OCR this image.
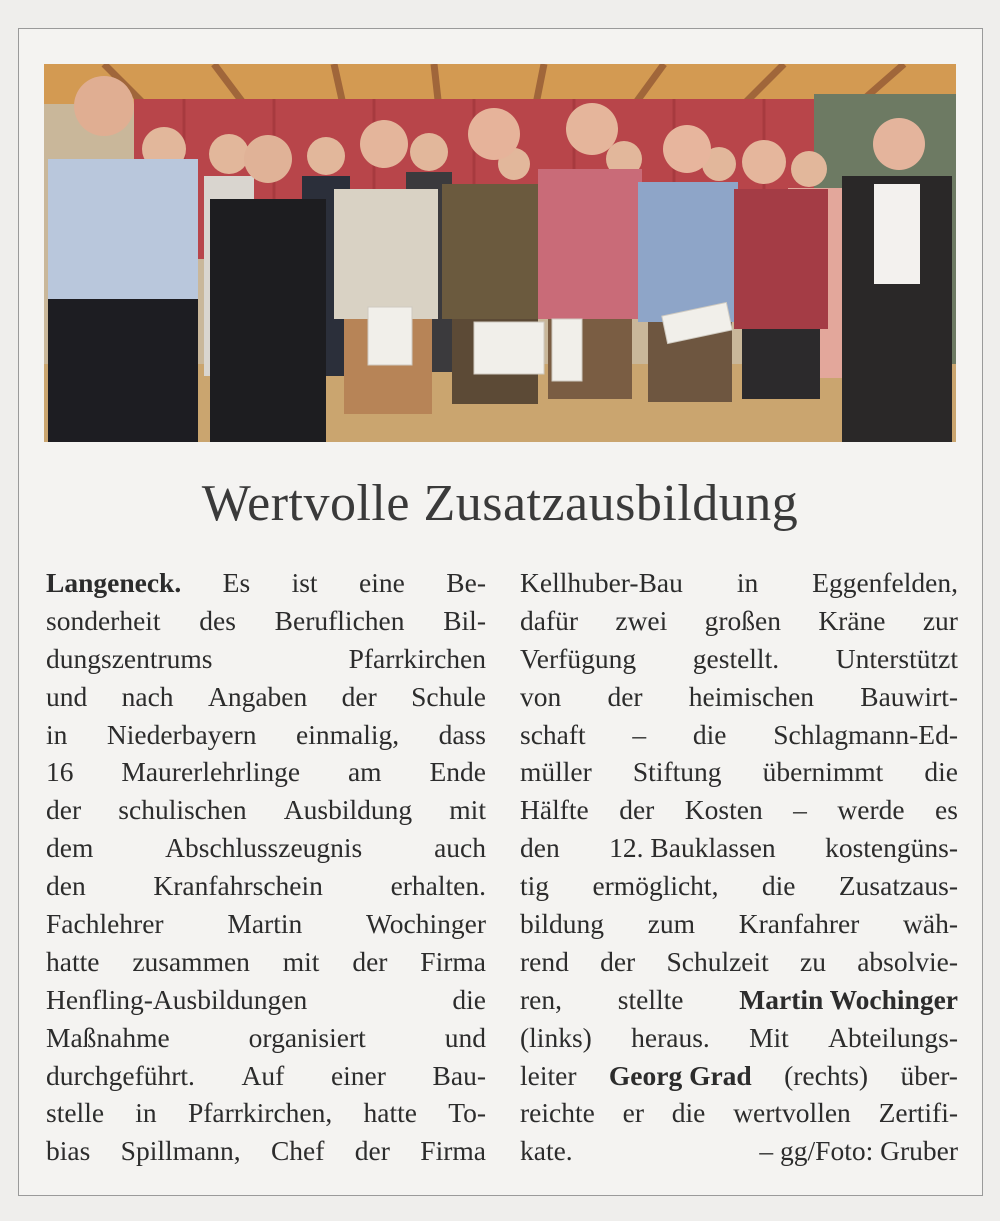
Wertvolle Zusatzausbildung
Langeneck. Es ist eine Be-
sonderheit des Beruflichen Bil-
dungszentrums	Pfarrkirchen
und nach Angaben der Schule
in Niederbayern einmalig, dass
16 Maurerlehrlinge am Ende
der schulischen Ausbildung mit
dem	Abschlusszeugnis	auch
den Kranfahrschein erhalten.
Fachlehrer Martin Wochinger
hatte zusammen mit der Firma
Henfling-Ausbildungen	die
Maßnahme	organisiert	und
durchgeführt. Auf einer Bau-
stelle in Pfarrkirchen, hatte To-
bias Spillmann, Chef der Firma
Kellhuber-Bau in Eggenfelden,
dafür zwei großen Kräne zur
Verfügung gestellt. Unterstützt
von der heimischen Bauwirt-
schaft – die Schlagmann-Ed-
müller Stiftung übernimmt die
Hälfte der Kosten – werde es
den 12. Bauklassen kostengüns-
tig ermöglicht, die Zusatzaus-
bildung zum Kranfahrer wäh-
rend der Schulzeit zu absolvie-
ren, stellte Martin Wochinger
(links) heraus. Mit Abteilungs-
leiter Georg Grad (rechts) über-
reichte er die wertvollen Zertifi-
kate.	– gg/Foto: Gruber
